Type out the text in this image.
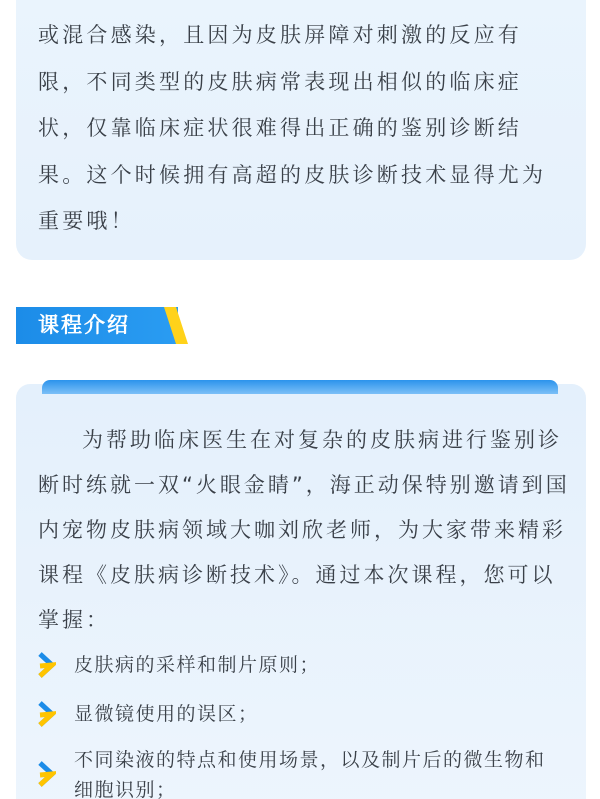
或混合感染，且因为皮肤屏障对刺激的反应有限，不同类型的皮肤病常表现出相似的临床症状，仅靠临床症状很难得出正确的鉴别诊断结果。这个时候拥有高超的皮肤诊断技术显得尤为重要哦！

课程介绍

为帮助临床医生在对复杂的皮肤病进行鉴别诊断时练就一双“火眼金睛”，海正动保特别邀请到国内宠物皮肤病领域大咖刘欣老师，为大家带来精彩课程《皮肤病诊断技术》。通过本次课程，您可以掌握：

皮肤病的采样和制片原则；
显微镜使用的误区；
不同染液的特点和使用场景，以及制片后的微生物和细胞识别；
